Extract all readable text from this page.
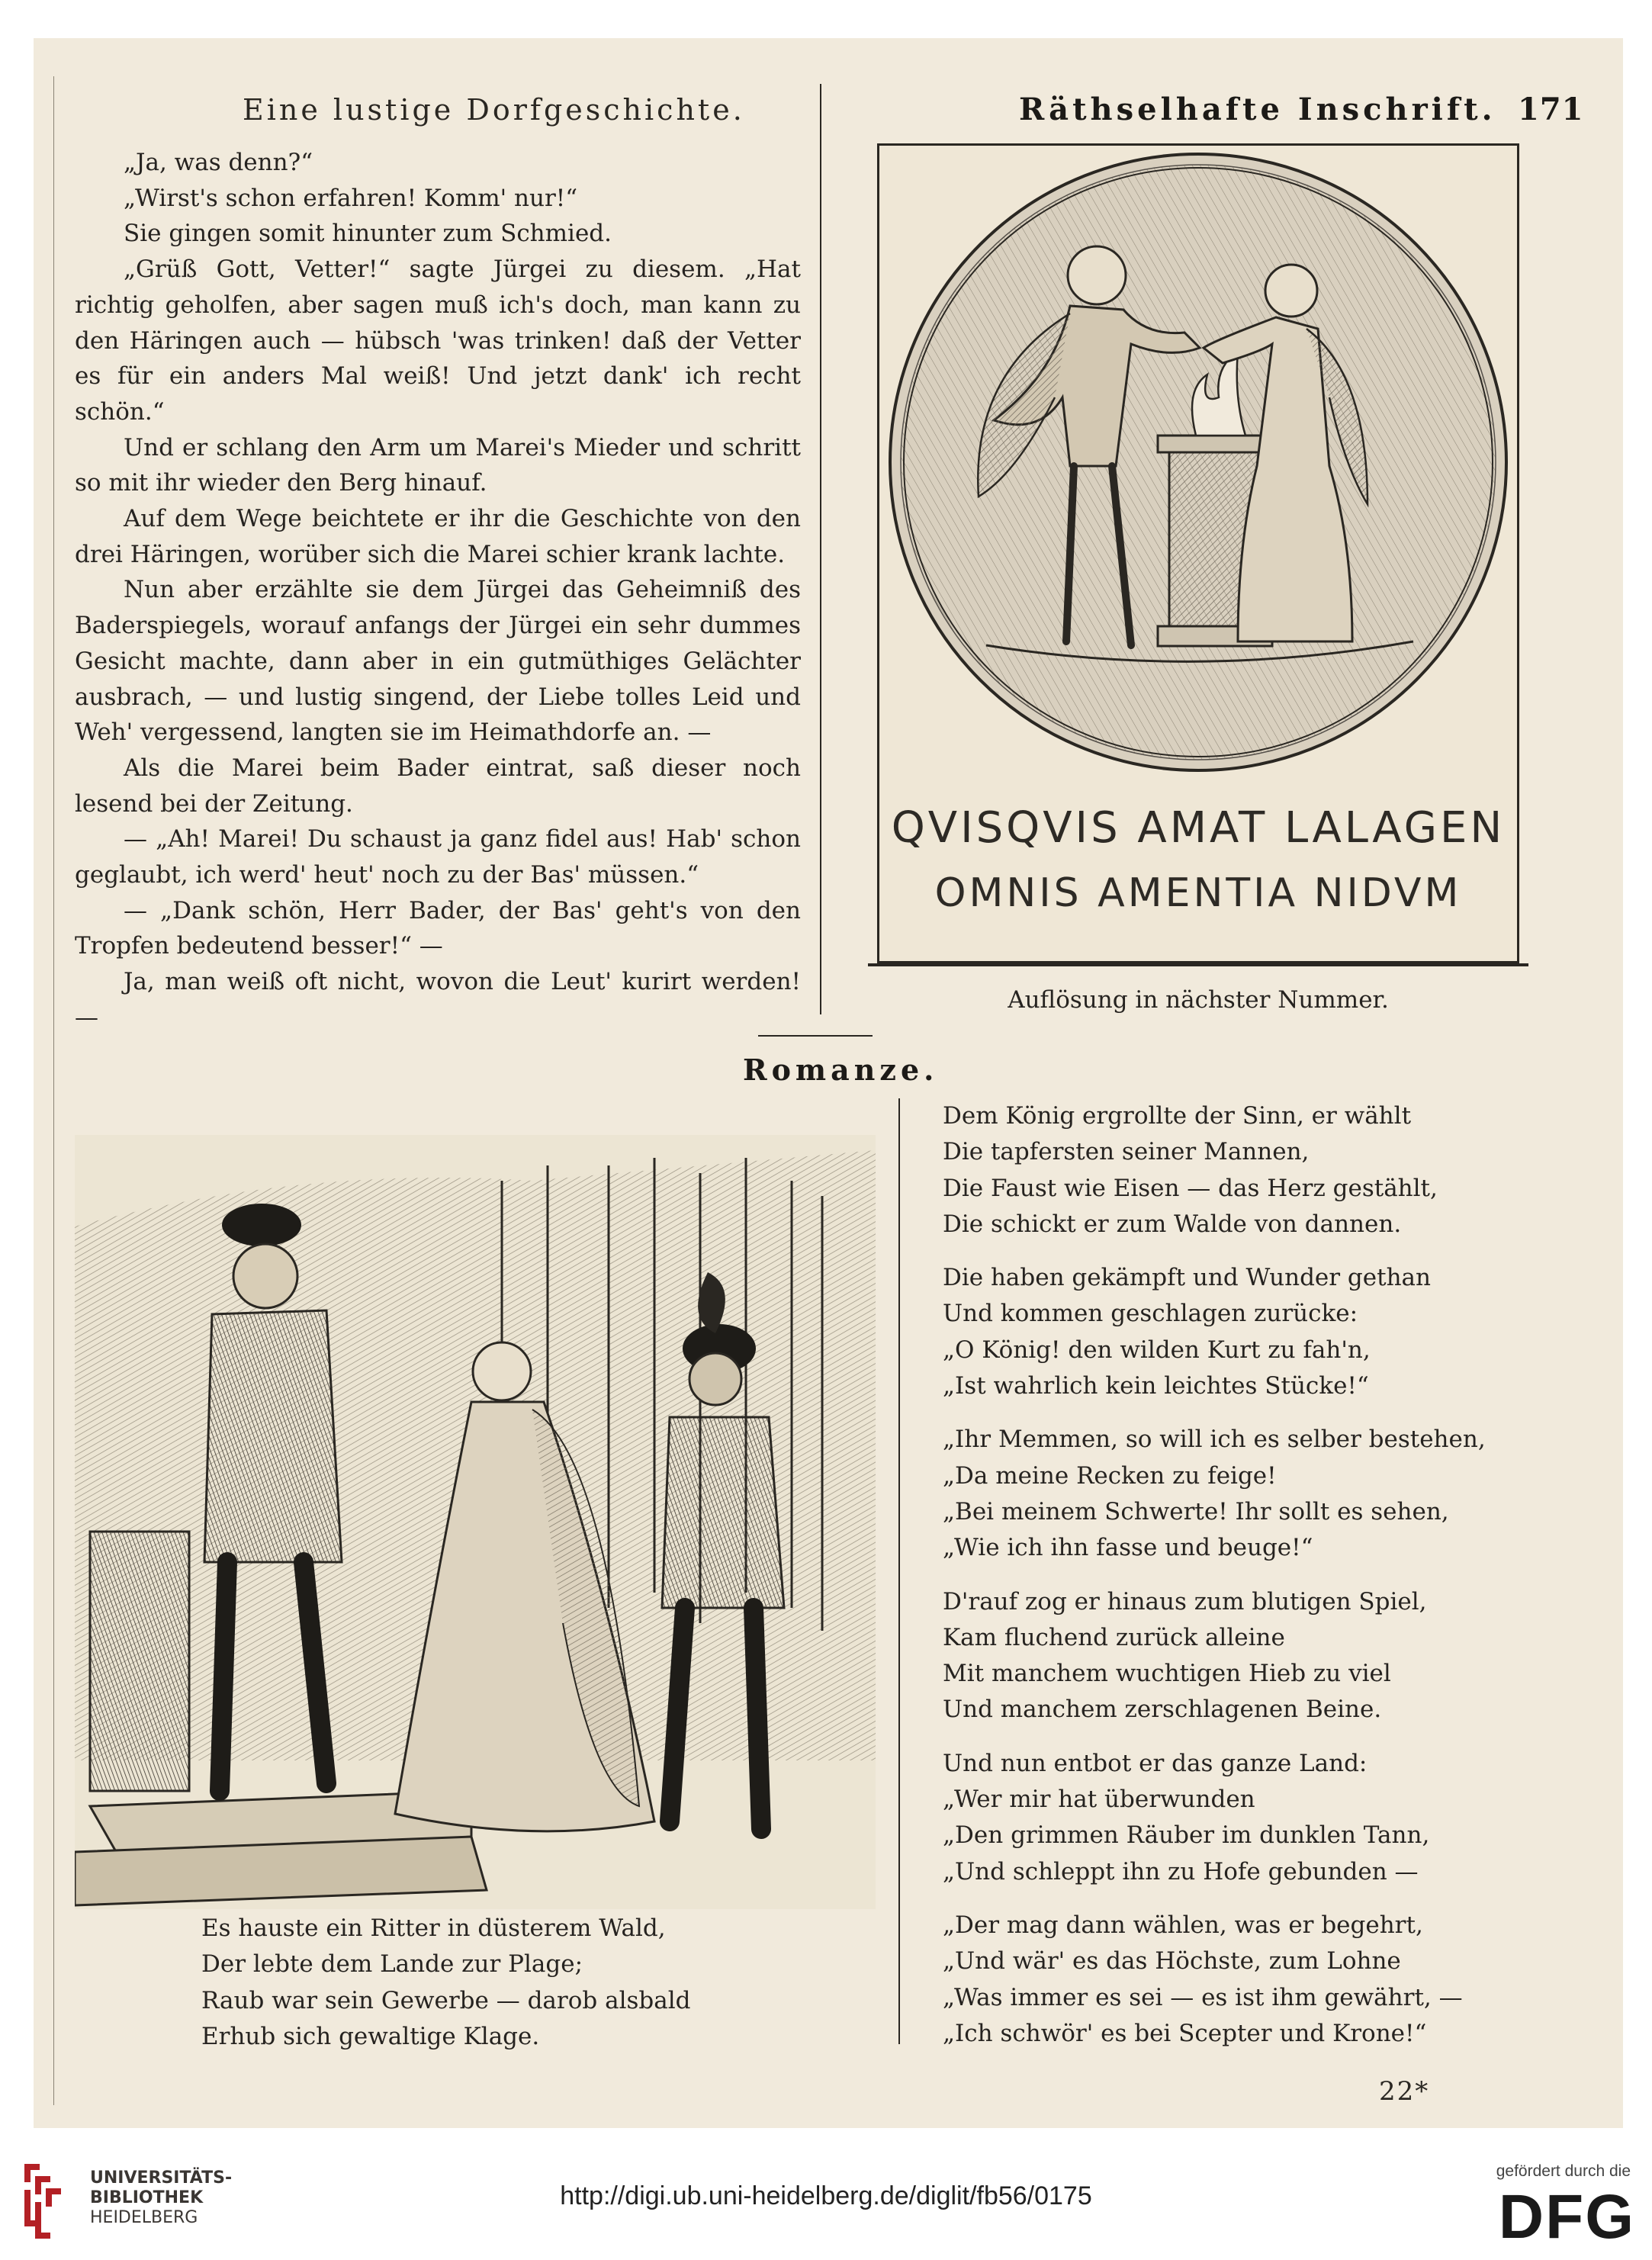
Eine lustige Dorfgeschichte.	Räthselhafte Inschrift. 171

„Ja, was denn?“

„Wirst's schon erfahren! Komm' nur!“

Sie gingen somit hinunter zum Schmied.

„Grüß Gott, Vetter!“ sagte Jürgei zu diesem. „Hat richtig geholfen, aber sagen muß ich's doch, man kann zu den Häringen auch — hübsch 'was trinken! daß der Vetter es für ein anders Mal weiß! Und jetzt dank' ich recht schön.“

Und er schlang den Arm um Marei's Mieder und schritt so mit ihr wieder den Berg hinauf.

Auf dem Wege beichtete er ihr die Geschichte von den drei Häringen, worüber sich die Marei schier krank lachte.

Nun aber erzählte sie dem Jürgei das Geheimniß des Baderspiegels, worauf anfangs der Jürgei ein sehr dummes Gesicht machte, dann aber in ein gutmüthiges Gelächter ausbrach, — und lustig singend, der Liebe tolles Leid und Weh' vergessend, langten sie im Heimathdorfe an. —

Als die Marei beim Bader eintrat, saß dieser noch lesend bei der Zeitung.

— „Ah! Marei! Du schaust ja ganz fidel aus! Hab' schon geglaubt, ich werd' heut' noch zu der Bas' müssen.“

— „Dank schön, Herr Bader, der Bas' geht's von den Tropfen bedeutend besser!“ —

Ja, man weiß oft nicht, wovon die Leut' kurirt werden! —

QVISQVIS AMAT LALAGEN
OMNIS AMENTIA NIDVM
Auflösung in nächster Nummer.
Romanze.
Es hauste ein Ritter in düsterem Wald,
Der lebte dem Lande zur Plage;
Raub war sein Gewerbe — darob alsbald
Erhub sich gewaltige Klage.
Dem König ergrollte der Sinn, er wählt
Die tapfersten seiner Mannen,
Die Faust wie Eisen — das Herz gestählt,
Die schickt er zum Walde von dannen.
Die haben gekämpft und Wunder gethan
Und kommen geschlagen zurücke:
„O König! den wilden Kurt zu fah'n,
„Ist wahrlich kein leichtes Stücke!“
„Ihr Memmen, so will ich es selber bestehen,
„Da meine Recken zu feige!
„Bei meinem Schwerte! Ihr sollt es sehen,
„Wie ich ihn fasse und beuge!“
D'rauf zog er hinaus zum blutigen Spiel,
Kam fluchend zurück alleine
Mit manchem wuchtigen Hieb zu viel
Und manchem zerschlagenen Beine.
Und nun entbot er das ganze Land:
„Wer mir hat überwunden
„Den grimmen Räuber im dunklen Tann,
„Und schleppt ihn zu Hofe gebunden —
„Der mag dann wählen, was er begehrt,
„Und wär' es das Höchste, zum Lohne
„Was immer es sei — es ist ihm gewährt, —
„Ich schwör' es bei Scepter und Krone!“
22*
UNIVERSITÄTS-
BIBLIOTHEK
HEIDELBERG
http://digi.ub.uni-heidelberg.de/diglit/fb56/0175
gefördert durch die
DFG
